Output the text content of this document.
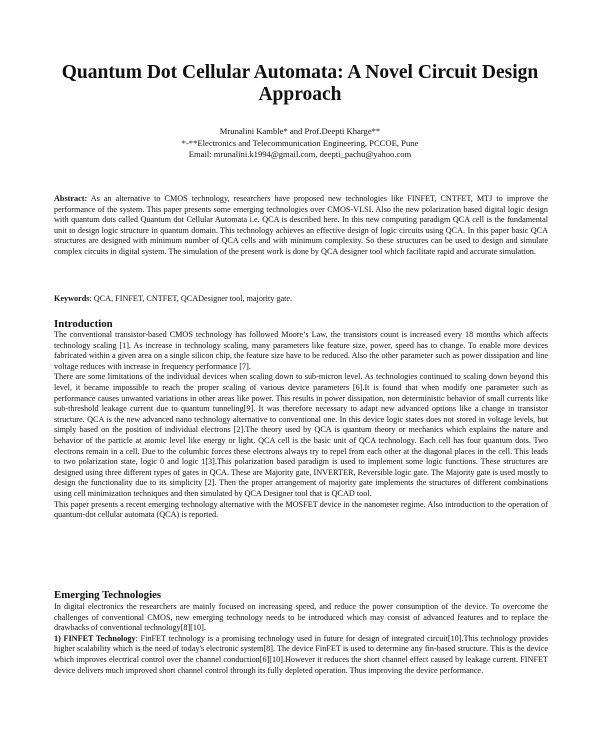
Quantum Dot Cellular Automata: A Novel Circuit Design Approach
Mrunalini Kamble* and Prof.Deepti Kharge**
*-**Electronics and Telecommunication Engineering, PCCOE, Pune
Email: mrunalini.k1994@gmail.com, deepti_pachu@yahoo.com
Abstract: As an alternative to CMOS technology, researchers have proposed new technologies like FINFET, CNTFET, MTJ to improve the performance of the system. This paper presents some emerging technologies over CMOS-VLSI. Also the new polarization based digital logic design with quantum dots called Quantum dot Cellular Automata i.e. QCA is described here. In this new computing paradigm QCA cell is the fundamental unit to design logic structure in quantum domain. This technology achieves an effective design of logic circuits using QCA. In this paper basic QCA structures are designed with minimum number of QCA cells and with minimum complexity. So these structures can be used to design and simulate complex circuits in digital system. The simulation of the present work is done by QCA designer tool which facilitate rapid and accurate simulation.
Keywords: QCA, FINFET, CNTFET, QCADesigner tool, majority gate.
Introduction

The conventional transistor-based CMOS technology has followed Moore’s Law, the transistors count is increased every 18 months which affects technology scaling [1]. As increase in technology scaling, many parameters like feature size, power, speed has to change. To enable more devices fabricated within a given area on a single silicon chip, the feature size have to be reduced. Also the other parameter such as power dissipation and line voltage reduces with increase in frequency performance [7].

There are some limitations of the individual devices when scaling down to sub-micron level. As technologies continued to scaling down beyond this level, it became impossible to reach the proper scaling of various device parameters [6].It is found that when modify one parameter such as performance causes unwanted variations in other areas like power. This results in power dissipation, non deterministic behavior of small currents like sub-threshold leakage current due to quantum tunneling[9]. It was therefore necessary to adapt new advanced options like a change in transistor structure. QCA is the new advanced nano technology alternative to conventional one. In this device logic states does not stored in voltage levels, but simply based on the position of individual electrons [2].The theory used by QCA is quantum theory or mechanics which explains the nature and behavior of the particle at atomic level like energy or light. QCA cell is the basic unit of QCA technology. Each cell has four quantum dots. Two electrons remain in a cell. Due to the columbic forces these electrons always try to repel from each other at the diagonal places in the cell. This leads to two polarization state, logic 0 and logic 1[3].This polarization based paradigm is used to implement some logic functions. These structures are designed using three different types of gates in QCA. These are Majority gate, INVERTER, Reversible logic gate. The Majority gate is used mostly to design the functionality due to its simplicity [2]. Then the proper arrangement of majority gate implements the structures of different combinations using cell minimization techniques and then simulated by QCA Designer tool that is QCAD tool.

This paper presents a recent emerging technology alternative with the MOSFET device in the nanometer regime. Also introduction to the operation of quantum-dot cellular automata (QCA) is reported.

Emerging Technologies

In digital electronics the researchers are mainly focused on increasing speed, and reduce the power consumption of the device. To overcome the challenges of conventional CMOS, new emerging technology needs to be introduced which may consist of advanced features and to replace the drawbacks of conventional technology[8][10].

1) FINFET Technology: FinFET technology is a promising technology used in future for design of integrated circuit[10].This technology provides higher scalability which is the need of today's electronic system[8]. The device FinFET is used to determine any fin-based structure. This is the device which improves electrical control over the channel conduction[6][10].However it reduces the short channel effect caused by leakage current. FINFET device delivers much improved short channel control through its fully depleted operation. Thus improving the device performance.
